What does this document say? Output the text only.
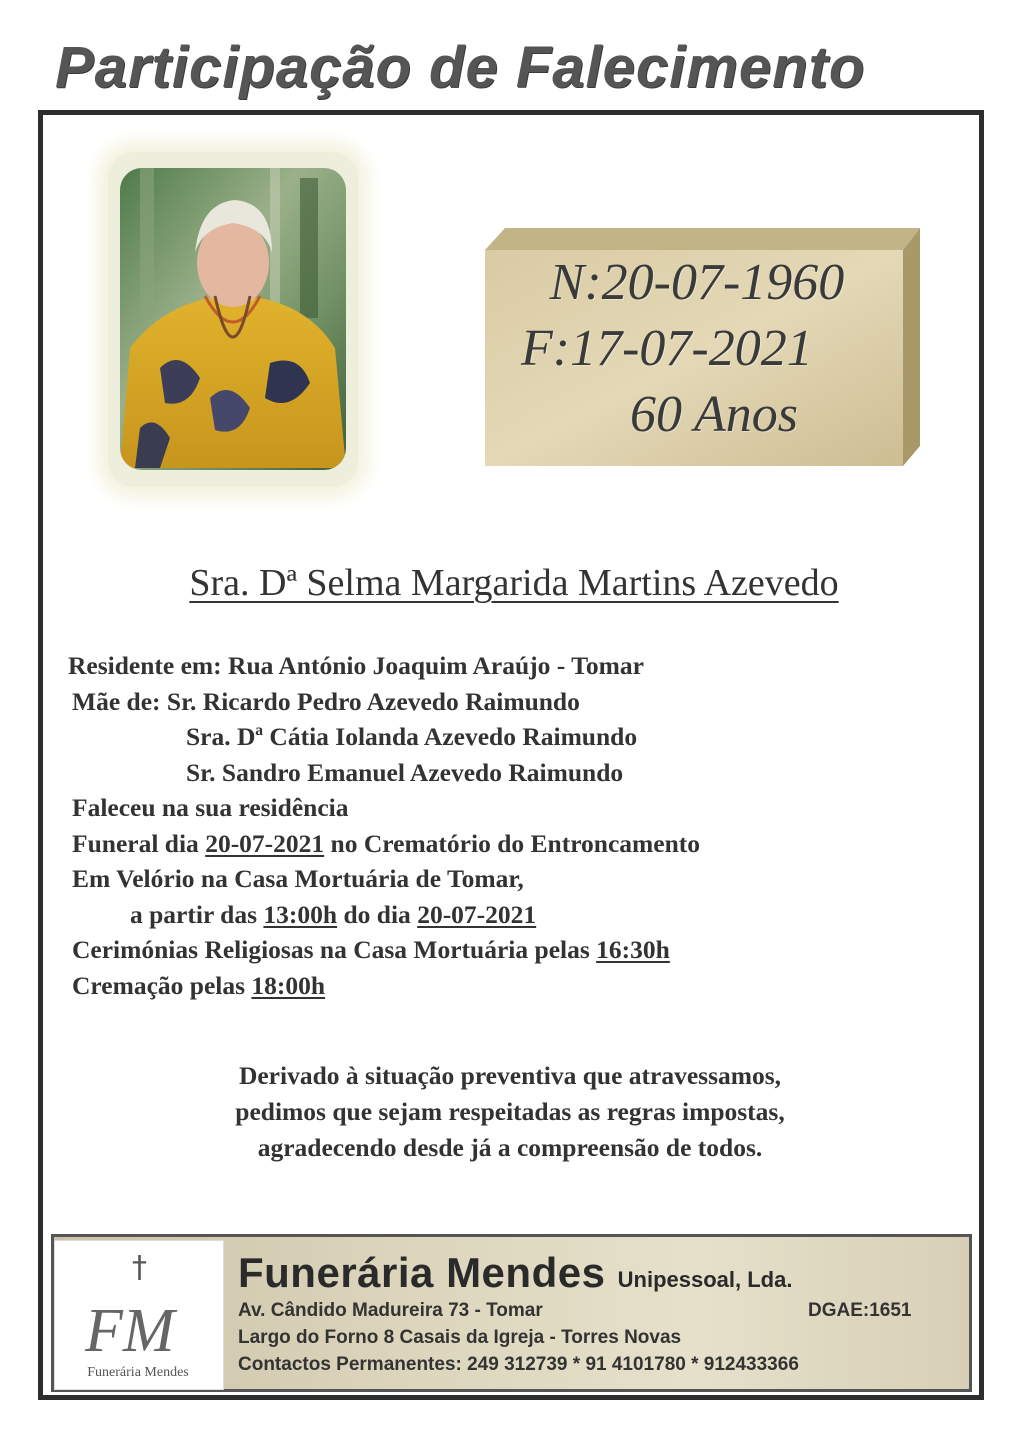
Participação de Falecimento
N:20-07-1960
F:17-07-2021
60 Anos
Sra. Dª Selma Margarida Martins Azevedo
Residente em: Rua António Joaquim Araújo - Tomar
Mãe de: Sr. Ricardo Pedro Azevedo Raimundo
Sra. Dª Cátia Iolanda Azevedo Raimundo
Sr. Sandro Emanuel Azevedo Raimundo
Faleceu na sua residência
Funeral dia 20-07-2021 no Crematório do Entroncamento
Em Velório na Casa Mortuária de Tomar,
a partir das 13:00h do dia 20-07-2021
Cerimónias Religiosas na Casa Mortuária pelas 16:30h
Cremação pelas 18:00h
Derivado à situação preventiva que atravessamos,
pedimos que sejam respeitadas as regras impostas,
agradecendo desde já a compreensão de todos.
FM
†
Funerária Mendes
Funerária Mendes Unipessoal, Lda.
Av. Cândido Madureira 73 - Tomar	DGAE:1651
Largo do Forno 8 Casais da Igreja - Torres Novas
Contactos Permanentes: 249 312739 * 91 4101780 * 912433366
